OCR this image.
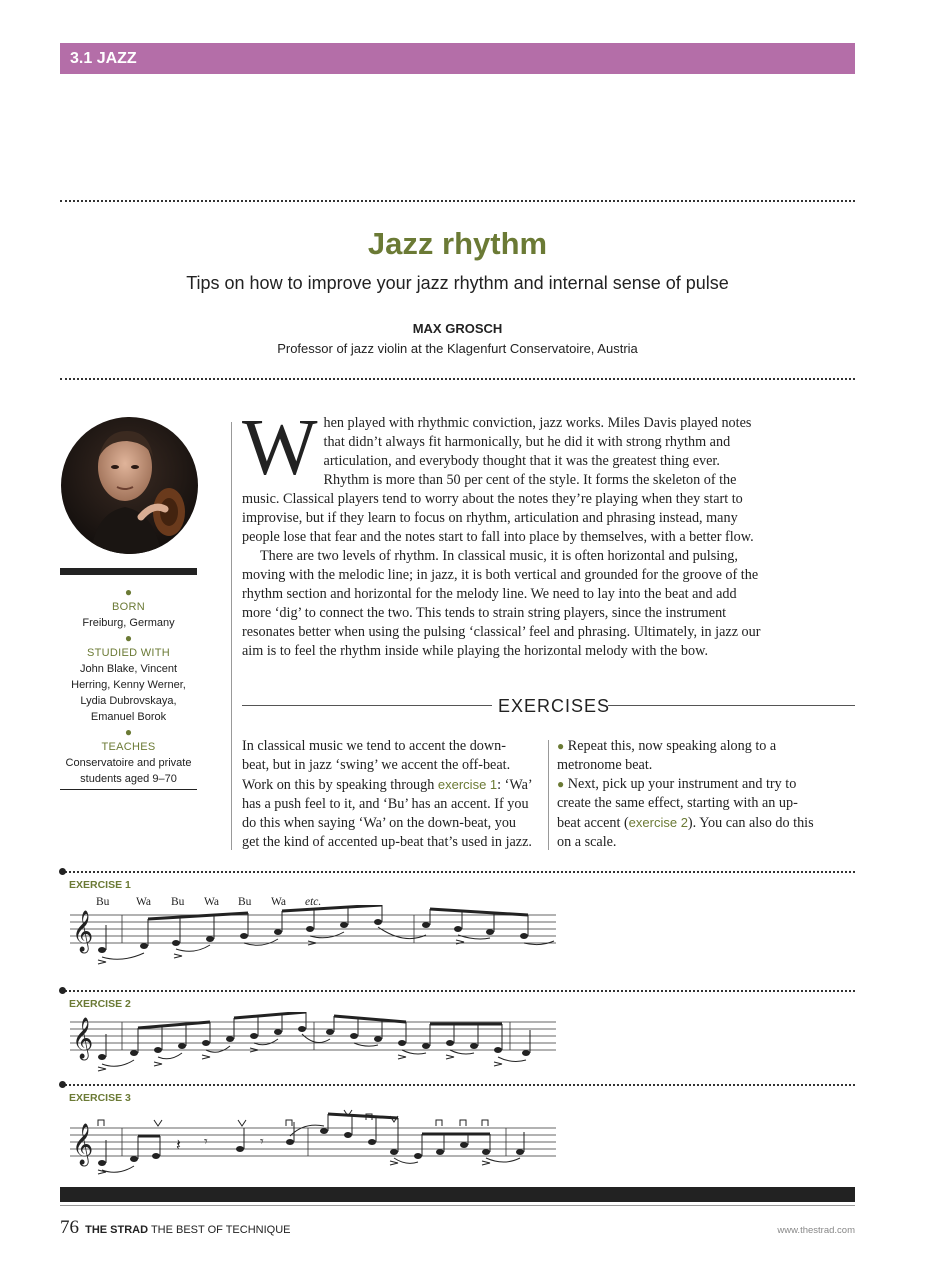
3.1 JAZZ
Jazz rhythm
Tips on how to improve your jazz rhythm and internal sense of pulse
MAX GROSCH
Professor of jazz violin at the Klagenfurt Conservatoire, Austria
●
BORN
Freiburg, Germany
●
STUDIED WITH
John Blake, Vincent Herring, Kenny Werner, Lydia Dubrovskaya, Emanuel Borok
●
TEACHES
Conservatoire and private students aged 9–70

When played with rhythmic conviction, jazz works. Miles Davis played notes that didn’t always fit harmonically, but he did it with strong rhythm and articulation, and everybody thought that it was the greatest thing ever. Rhythm is more than 50 per cent of the style. It forms the skeleton of the music. Classical players tend to worry about the notes they’re playing when they start to improvise, but if they learn to focus on rhythm, articulation and phrasing instead, many people lose that fear and the notes start to fall into place by themselves, with a better flow.

There are two levels of rhythm. In classical music, it is often horizontal and pulsing, moving with the melodic line; in jazz, it is both vertical and grounded for the groove of the rhythm section and horizontal for the melody line. We need to lay into the beat and add more ‘dig’ to connect the two. This tends to strain string players, since the instrument resonates better when using the pulsing ‘classical’ feel and phrasing. Ultimately, in jazz our aim is to feel the rhythm inside while playing the horizontal melody with the bow.

EXERCISES
In classical music we tend to accent the down-beat, but in jazz ‘swing’ we accent the off-beat. Work on this by speaking through exercise 1: ‘Wa’ has a push feel to it, and ‘Bu’ has an accent. If you do this when saying ‘Wa’ on the down-beat, you get the kind of accented up-beat that’s used in jazz.
● Repeat this, now speaking along to a metronome beat.
● Next, pick up your instrument and try to create the same effect, starting with an up-beat accent (exercise 2). You can also do this on a scale.
EXERCISE 1
Bu Wa Bu Wa Bu Wa etc.
𝄞
EXERCISE 2
𝄞
EXERCISE 3
𝄞	𝄽 𝄾	𝄾
76 THE STRAD THE BEST OF TECHNIQUE	www.thestrad.com
